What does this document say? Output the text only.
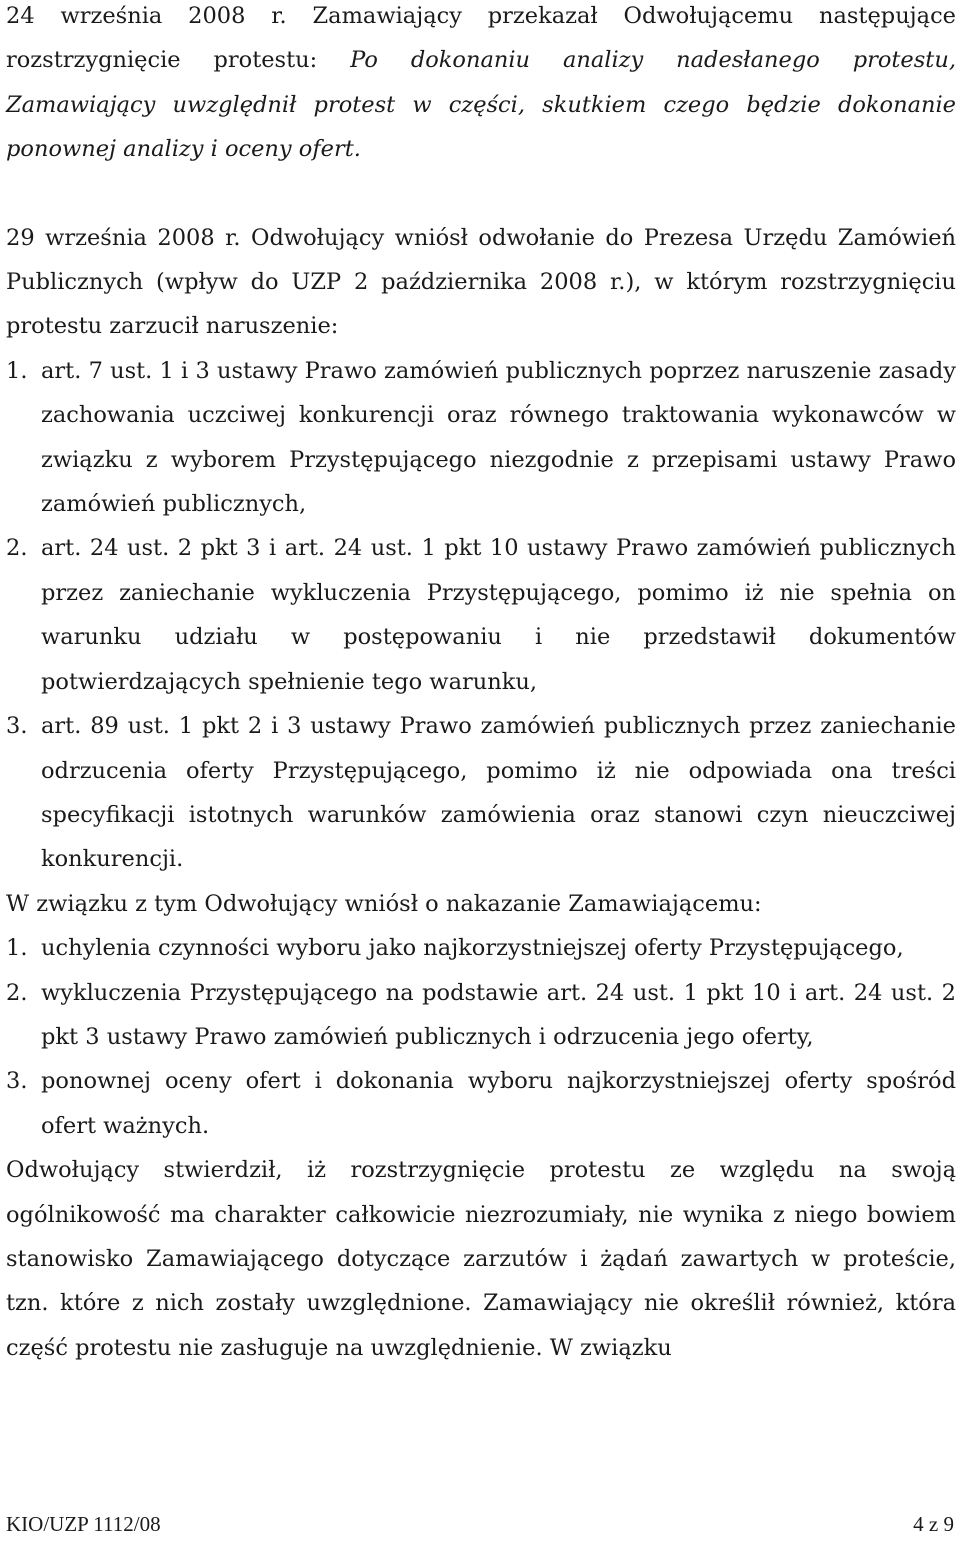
24 września 2008 r. Zamawiający przekazał Odwołującemu następujące rozstrzygnięcie protestu: Po dokonaniu analizy nadesłanego protestu, Zamawiający uwzględnił protest w części, skutkiem czego będzie dokonanie ponownej analizy i oceny ofert.

29 września 2008 r. Odwołujący wniósł odwołanie do Prezesa Urzędu Zamówień Publicznych (wpływ do UZP 2 października 2008 r.), w którym rozstrzygnięciu protestu zarzucił naruszenie:

1. art. 7 ust. 1 i 3 ustawy Prawo zamówień publicznych poprzez naruszenie zasady zachowania uczciwej konkurencji oraz równego traktowania wykonawców w związku z wyborem Przystępującego niezgodnie z przepisami ustawy Prawo zamówień publicznych,
2. art. 24 ust. 2 pkt 3 i art. 24 ust. 1 pkt 10 ustawy Prawo zamówień publicznych przez zaniechanie wykluczenia Przystępującego, pomimo iż nie spełnia on warunku udziału w postępowaniu i nie przedstawił dokumentów potwierdzających spełnienie tego warunku,
3. art. 89 ust. 1 pkt 2 i 3 ustawy Prawo zamówień publicznych przez zaniechanie odrzucenia oferty Przystępującego, pomimo iż nie odpowiada ona treści specyfikacji istotnych warunków zamówienia oraz stanowi czyn nieuczciwej konkurencji.

W związku z tym Odwołujący wniósł o nakazanie Zamawiającemu:

1. uchylenia czynności wyboru jako najkorzystniejszej oferty Przystępującego,
2. wykluczenia Przystępującego na podstawie art. 24 ust. 1 pkt 10 i art. 24 ust. 2 pkt 3 ustawy Prawo zamówień publicznych i odrzucenia jego oferty,
3. ponownej oceny ofert i dokonania wyboru najkorzystniejszej oferty spośród ofert ważnych.

Odwołujący stwierdził, iż rozstrzygnięcie protestu ze względu na swoją ogólnikowość ma charakter całkowicie niezrozumiały, nie wynika z niego bowiem stanowisko Zamawiającego dotyczące zarzutów i żądań zawartych w proteście, tzn. które z nich zostały uwzględnione. Zamawiający nie określił również, która część protestu nie zasługuje na uwzględnienie. W związku

KIO/UZP 1112/08	4 z 9
